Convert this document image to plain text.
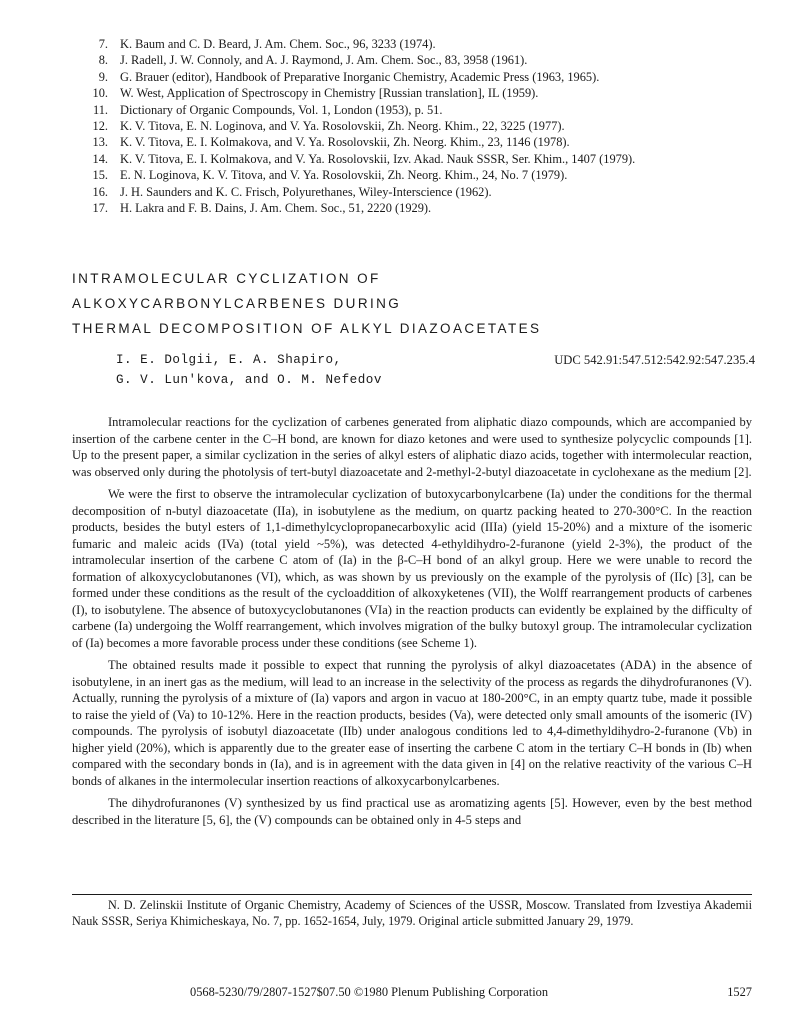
7. K. Baum and C. D. Beard, J. Am. Chem. Soc., 96, 3233 (1974).
8. J. Radell, J. W. Connoly, and A. J. Raymond, J. Am. Chem. Soc., 83, 3958 (1961).
9. G. Brauer (editor), Handbook of Preparative Inorganic Chemistry, Academic Press (1963, 1965).
10. W. West, Application of Spectroscopy in Chemistry [Russian translation], IL (1959).
11. Dictionary of Organic Compounds, Vol. 1, London (1953), p. 51.
12. K. V. Titova, E. N. Loginova, and V. Ya. Rosolovskii, Zh. Neorg. Khim., 22, 3225 (1977).
13. K. V. Titova, E. I. Kolmakova, and V. Ya. Rosolovskii, Zh. Neorg. Khim., 23, 1146 (1978).
14. K. V. Titova, E. I. Kolmakova, and V. Ya. Rosolovskii, Izv. Akad. Nauk SSSR, Ser. Khim., 1407 (1979).
15. E. N. Loginova, K. V. Titova, and V. Ya. Rosolovskii, Zh. Neorg. Khim., 24, No. 7 (1979).
16. J. H. Saunders and K. C. Frisch, Polyurethanes, Wiley-Interscience (1962).
17. H. Lakra and F. B. Dains, J. Am. Chem. Soc., 51, 2220 (1929).
INTRAMOLECULAR CYCLIZATION OF
ALKOXYCARBONYLCARBENES DURING
THERMAL DECOMPOSITION OF ALKYL DIAZOACETATES
I. E. Dolgii, E. A. Shapiro,
G. V. Lun'kova, and O. M. Nefedov
UDC 542.91:547.512:542.92:547.235.4

Intramolecular reactions for the cyclization of carbenes generated from aliphatic diazo compounds, which are accompanied by insertion of the carbene center in the C–H bond, are known for diazo ketones and were used to synthesize polycyclic compounds [1]. Up to the present paper, a similar cyclization in the series of alkyl esters of aliphatic diazo acids, together with intermolecular reaction, was observed only during the photolysis of tert-butyl diazoacetate and 2-methyl-2-butyl diazoacetate in cyclohexane as the medium [2].

We were the first to observe the intramolecular cyclization of butoxycarbonylcarbene (Ia) under the conditions for the thermal decomposition of n-butyl diazoacetate (IIa), in isobutylene as the medium, on quartz packing heated to 270-300°C. In the reaction products, besides the butyl esters of 1,1-dimethylcyclopropanecarboxylic acid (IIIa) (yield 15-20%) and a mixture of the isomeric fumaric and maleic acids (IVa) (total yield ~5%), was detected 4-ethyldihydro-2-furanone (yield 2-3%), the product of the intramolecular insertion of the carbene C atom of (Ia) in the β-C–H bond of an alkyl group. Here we were unable to record the formation of alkoxycyclobutanones (VI), which, as was shown by us previously on the example of the pyrolysis of (IIc) [3], can be formed under these conditions as the result of the cycloaddition of alkoxyketenes (VII), the Wolff rearrangement products of carbenes (I), to isobutylene. The absence of butoxycyclobutanones (VIa) in the reaction products can evidently be explained by the difficulty of carbene (Ia) undergoing the Wolff rearrangement, which involves migration of the bulky butoxyl group. The intramolecular cyclization of (Ia) becomes a more favorable process under these conditions (see Scheme 1).

The obtained results made it possible to expect that running the pyrolysis of alkyl diazoacetates (ADA) in the absence of isobutylene, in an inert gas as the medium, will lead to an increase in the selectivity of the process as regards the dihydrofuranones (V). Actually, running the pyrolysis of a mixture of (Ia) vapors and argon in vacuo at 180-200°C, in an empty quartz tube, made it possible to raise the yield of (Va) to 10-12%. Here in the reaction products, besides (Va), were detected only small amounts of the isomeric (IV) compounds. The pyrolysis of isobutyl diazoacetate (IIb) under analogous conditions led to 4,4-dimethyldihydro-2-furanone (Vb) in higher yield (20%), which is apparently due to the greater ease of inserting the carbene C atom in the tertiary C–H bonds in (Ib) when compared with the secondary bonds in (Ia), and is in agreement with the data given in [4] on the relative reactivity of the various C–H bonds of alkanes in the intermolecular insertion reactions of alkoxycarbonylcarbenes.

The dihydrofuranones (V) synthesized by us find practical use as aromatizing agents [5]. However, even by the best method described in the literature [5, 6], the (V) compounds can be obtained only in 4-5 steps and

N. D. Zelinskii Institute of Organic Chemistry, Academy of Sciences of the USSR, Moscow. Translated from Izvestiya Akademii Nauk SSSR, Seriya Khimicheskaya, No. 7, pp. 1652-1654, July, 1979. Original article submitted January 29, 1979.

0568-5230/79/2807-1527$07.50 ©1980 Plenum Publishing Corporation	1527
